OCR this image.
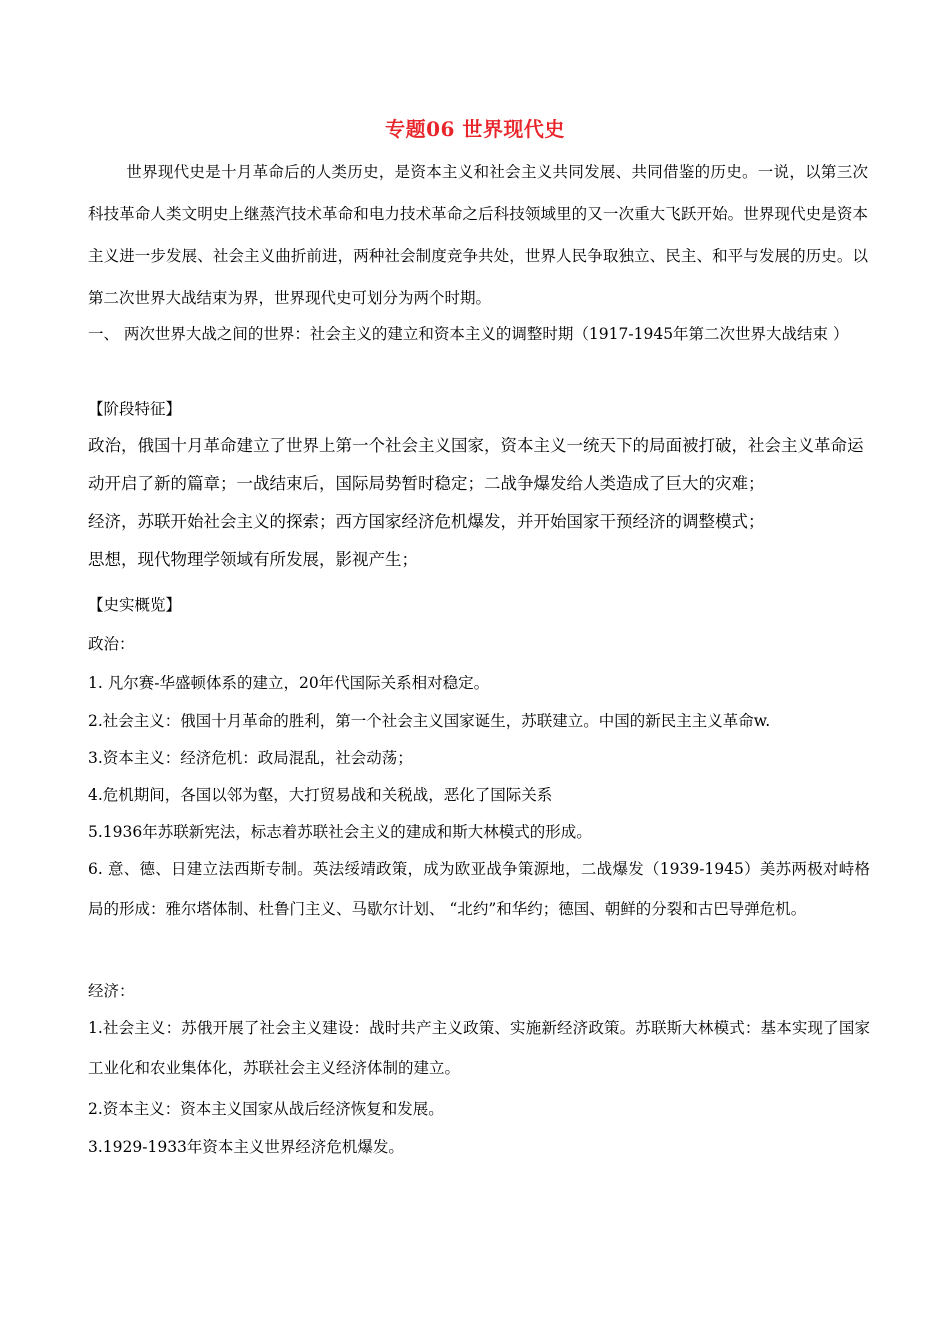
专题06 世界现代史
世界现代史是十月革命后的人类历史，是资本主义和社会主义共同发展、共同借鉴的历史。一说，以第三次科技革命人类文明史上继蒸汽技术革命和电力技术革命之后科技领域里的又一次重大飞跃开始。世界现代史是资本主义进一步发展、社会主义曲折前进，两种社会制度竞争共处，世界人民争取独立、民主、和平与发展的历史。以第二次世界大战结束为界，世界现代史可划分为两个时期。
一、 两次世界大战之间的世界：社会主义的建立和资本主义的调整时期（1917-1945年第二次世界大战结束 ）
【阶段特征】
政治，俄国十月革命建立了世界上第一个社会主义国家，资本主义一统天下的局面被打破，社会主义革命运动开启了新的篇章；一战结束后，国际局势暂时稳定；二战争爆发给人类造成了巨大的灾难；
经济，苏联开始社会主义的探索；西方国家经济危机爆发，并开始国家干预经济的调整模式；
思想，现代物理学领域有所发展，影视产生；
【史实概览】
政治：
1. 凡尔赛-华盛顿体系的建立，20年代国际关系相对稳定。
2.社会主义：俄国十月革命的胜利，第一个社会主义国家诞生，苏联建立。中国的新民主主义革命w.
3.资本主义：经济危机：政局混乱，社会动荡；
4.危机期间，各国以邻为壑，大打贸易战和关税战，恶化了国际关系
5.1936年苏联新宪法，标志着苏联社会主义的建成和斯大林模式的形成。
6. 意、德、日建立法西斯专制。英法绥靖政策，成为欧亚战争策源地，二战爆发（1939-1945）美苏两极对峙格局的形成：雅尔塔体制、杜鲁门主义、马歇尔计划、 “北约”和华约；德国、朝鲜的分裂和古巴导弹危机。
经济：
1.社会主义：苏俄开展了社会主义建设：战时共产主义政策、实施新经济政策。苏联斯大林模式：基本实现了国家工业化和农业集体化，苏联社会主义经济体制的建立。
2.资本主义：资本主义国家从战后经济恢复和发展。
3.1929-1933年资本主义世界经济危机爆发。
